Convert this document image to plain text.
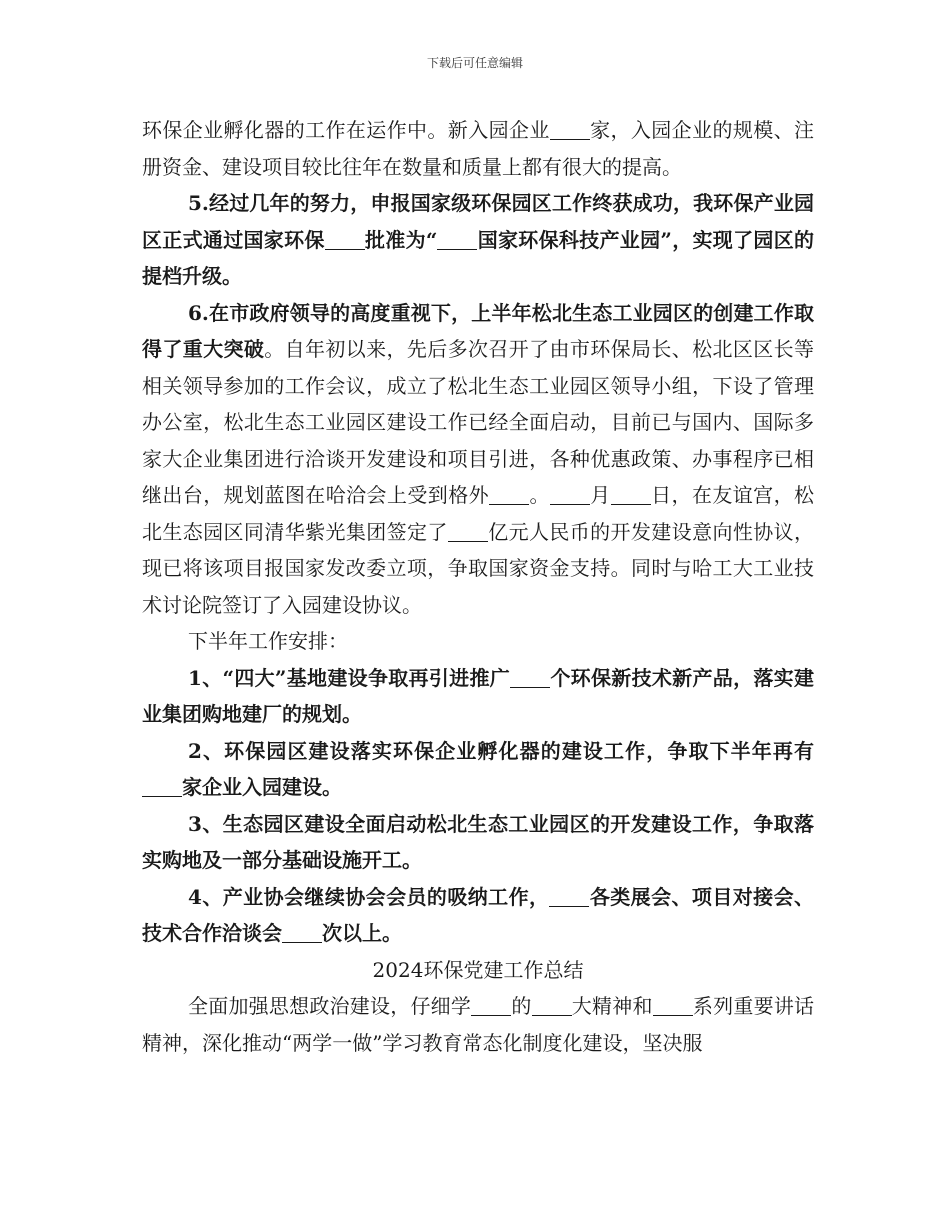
下载后可任意编辑

环保企业孵化器的工作在运作中。新入园企业 家，入园企业的规模、注册资金、建设项目较比往年在数量和质量上都有很大的提高。

5.经过几年的努力，申报国家级环保园区工作终获成功，我环保产业园区正式通过国家环保 批准为“ 国家环保科技产业园”，实现了园区的提档升级。

6.在市政府领导的高度重视下，上半年松北生态工业园区的创建工作取得了重大突破。自年初以来，先后多次召开了由市环保局长、松北区区长等相关领导参加的工作会议，成立了松北生态工业园区领导小组，下设了管理办公室，松北生态工业园区建设工作已经全面启动，目前已与国内、国际多家大企业集团进行洽谈开发建设和项目引进，各种优惠政策、办事程序已相继出台，规划蓝图在哈洽会上受到格外 。 月 日，在友谊宫，松北生态园区同清华紫光集团签定了 亿元人民币的开发建设意向性协议，现已将该项目报国家发改委立项，争取国家资金支持。同时与哈工大工业技术讨论院签订了入园建设协议。

下半年工作安排：

1、“四大”基地建设争取再引进推广 个环保新技术新产品，落实建业集团购地建厂的规划。

2、环保园区建设落实环保企业孵化器的建设工作，争取下半年再有家企业入园建设。

3、生态园区建设全面启动松北生态工业园区的开发建设工作，争取落实购地及一部分基础设施开工。

4、产业协会继续协会会员的吸纳工作， 各类展会、项目对接会、技术合作洽谈会 次以上。

2024环保党建工作总结

全面加强思想政治建设，仔细学 的 大精神和 系列重要讲话精神，深化推动“两学一做”学习教育常态化制度化建设，坚决服
